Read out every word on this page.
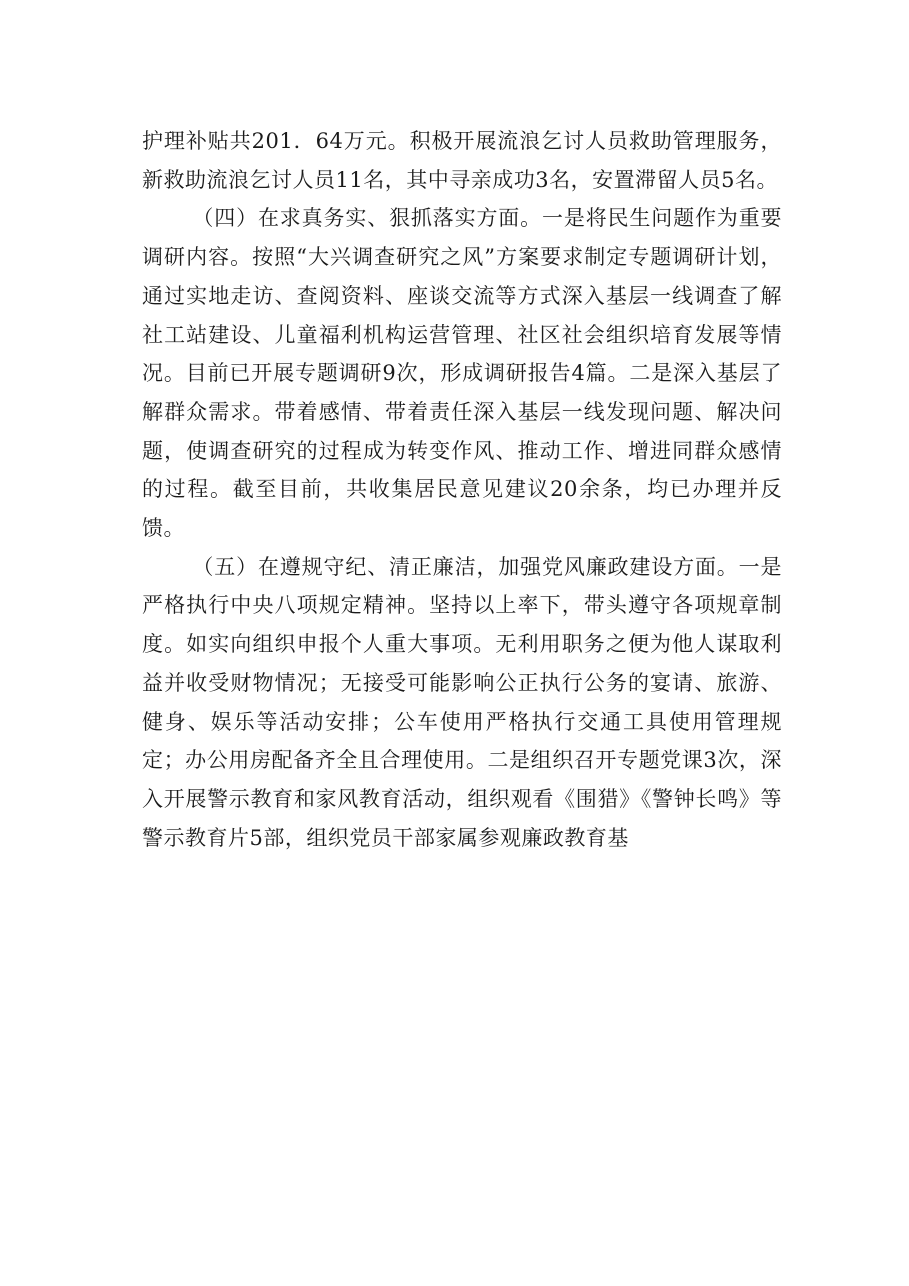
护理补贴共201．64万元。积极开展流浪乞讨人员救助管理服务，新救助流浪乞讨人员11名，其中寻亲成功3名，安置滞留人员5名。

（四）在求真务实、狠抓落实方面。一是将民生问题作为重要调研内容。按照“大兴调查研究之风”方案要求制定专题调研计划，通过实地走访、查阅资料、座谈交流等方式深入基层一线调查了解社工站建设、儿童福利机构运营管理、社区社会组织培育发展等情况。目前已开展专题调研9次，形成调研报告4篇。二是深入基层了解群众需求。带着感情、带着责任深入基层一线发现问题、解决问题，使调查研究的过程成为转变作风、推动工作、增进同群众感情的过程。截至目前，共收集居民意见建议20余条，均已办理并反馈。

（五）在遵规守纪、清正廉洁，加强党风廉政建设方面。一是严格执行中央八项规定精神。坚持以上率下，带头遵守各项规章制度。如实向组织申报个人重大事项。无利用职务之便为他人谋取利益并收受财物情况；无接受可能影响公正执行公务的宴请、旅游、健身、娱乐等活动安排；公车使用严格执行交通工具使用管理规定；办公用房配备齐全且合理使用。二是组织召开专题党课3次，深入开展警示教育和家风教育活动，组织观看《围猎》《警钟长鸣》等警示教育片5部，组织党员干部家属参观廉政教育基
